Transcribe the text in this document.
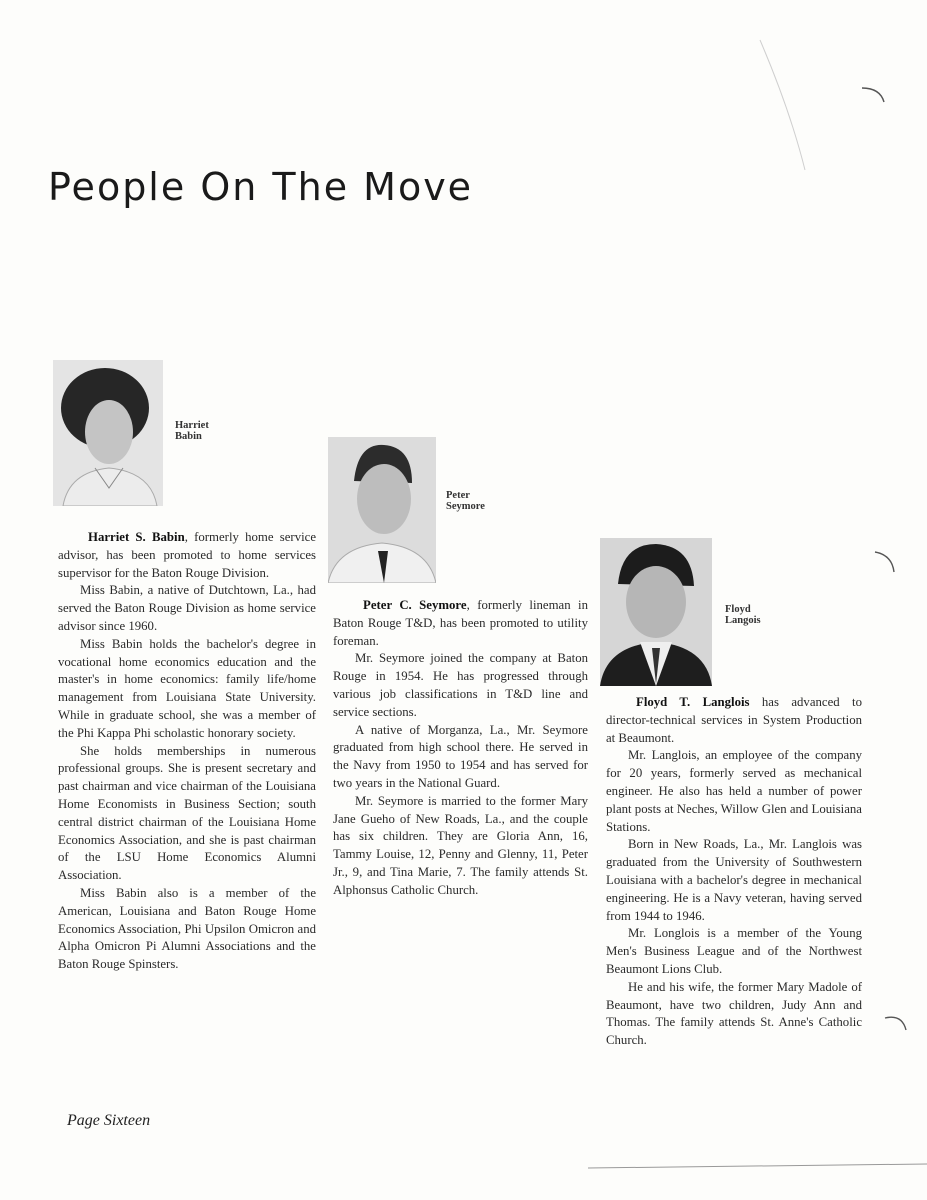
People On The Move
Harriet
Babin
Peter
Seymore
Floyd
Langois

Harriet S. Babin, formerly home service advisor, has been promoted to home services supervisor for the Baton Rouge Division.

Miss Babin, a native of Dutchtown, La., had served the Baton Rouge Division as home service advisor since 1960.

Miss Babin holds the bachelor's degree in vocational home economics education and the master's in home economics: family life/home management from Louisiana State University. While in graduate school, she was a member of the Phi Kappa Phi scholastic honorary society.

She holds memberships in numerous professional groups. She is present secretary and past chairman and vice chairman of the Louisiana Home Economists in Business Section; south central district chairman of the Louisiana Home Economics Association, and she is past chairman of the LSU Home Economics Alumni Association.

Miss Babin also is a member of the American, Louisiana and Baton Rouge Home Economics Association, Phi Upsilon Omicron and Alpha Omicron Pi Alumni Associations and the Baton Rouge Spinsters.

Peter C. Seymore, formerly lineman in Baton Rouge T&D, has been promoted to utility foreman.

Mr. Seymore joined the company at Baton Rouge in 1954. He has progressed through various job classifications in T&D line and service sections.

A native of Morganza, La., Mr. Seymore graduated from high school there. He served in the Navy from 1950 to 1954 and has served for two years in the National Guard.

Mr. Seymore is married to the former Mary Jane Gueho of New Roads, La., and the couple has six children. They are Gloria Ann, 16, Tammy Louise, 12, Penny and Glenny, 11, Peter Jr., 9, and Tina Marie, 7. The family attends St. Alphonsus Catholic Church.

Floyd T. Langlois has advanced to director-technical services in System Production at Beaumont.

Mr. Langlois, an employee of the company for 20 years, formerly served as mechanical engineer. He also has held a number of power plant posts at Neches, Willow Glen and Louisiana Stations.

Born in New Roads, La., Mr. Langlois was graduated from the University of Southwestern Louisiana with a bachelor's degree in mechanical engineering. He is a Navy veteran, having served from 1944 to 1946.

Mr. Longlois is a member of the Young Men's Business League and of the Northwest Beaumont Lions Club.

He and his wife, the former Mary Madole of Beaumont, have two children, Judy Ann and Thomas. The family attends St. Anne's Catholic Church.

Page Sixteen
